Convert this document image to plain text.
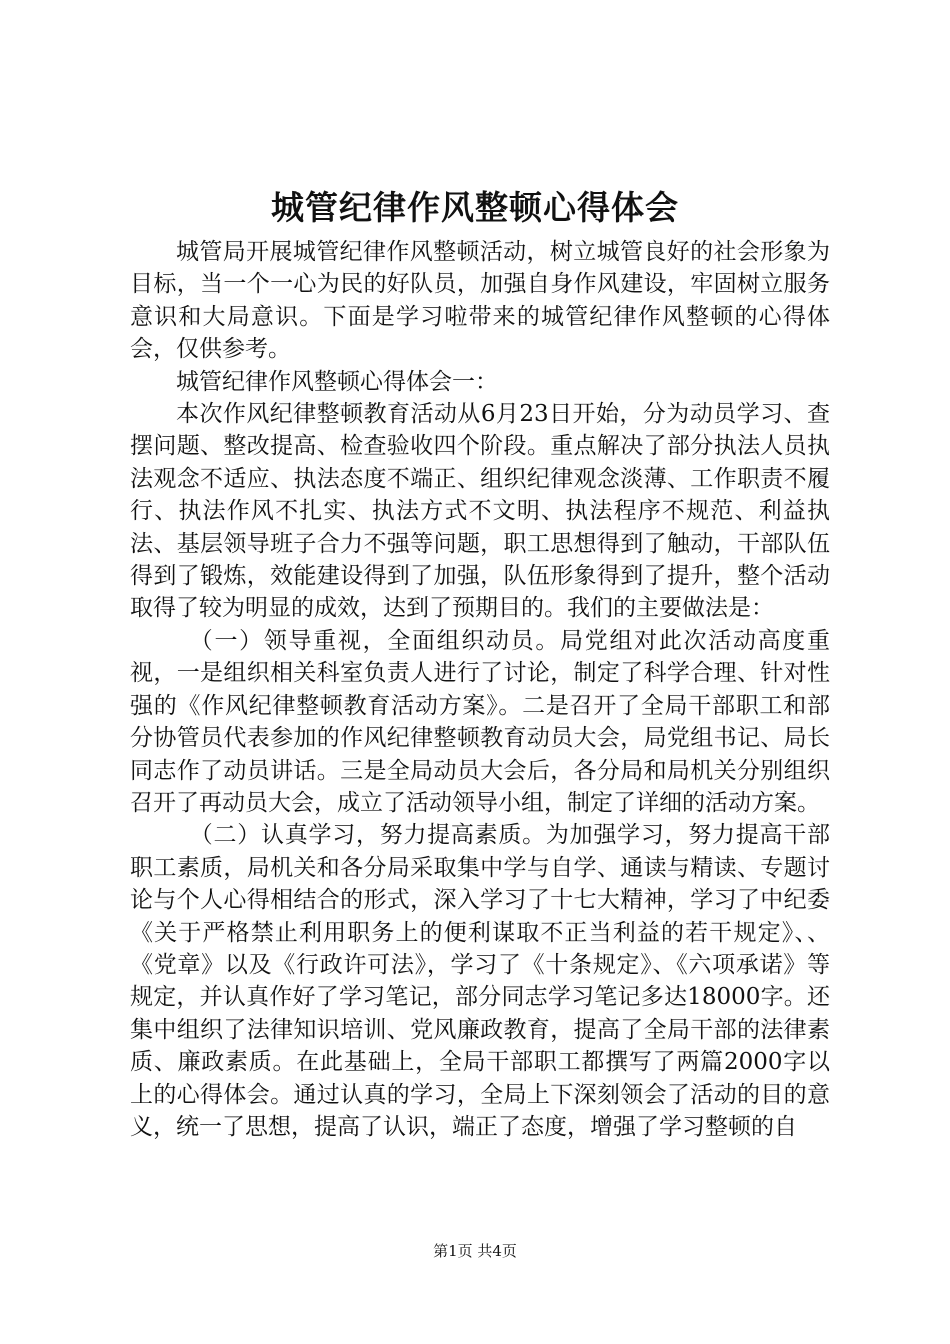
城管纪律作风整顿心得体会

城管局开展城管纪律作风整顿活动，树立城管良好的社会形象为目标，当一个一心为民的好队员，加强自身作风建设，牢固树立服务意识和大局意识。下面是学习啦带来的城管纪律作风整顿的心得体会，仅供参考。

城管纪律作风整顿心得体会一：

本次作风纪律整顿教育活动从6月23日开始，分为动员学习、查摆问题、整改提高、检查验收四个阶段。重点解决了部分执法人员执法观念不适应、执法态度不端正、组织纪律观念淡薄、工作职责不履行、执法作风不扎实、执法方式不文明、执法程序不规范、利益执法、基层领导班子合力不强等问题，职工思想得到了触动，干部队伍得到了锻炼，效能建设得到了加强，队伍形象得到了提升，整个活动取得了较为明显的成效，达到了预期目的。我们的主要做法是：

（一）领导重视，全面组织动员。局党组对此次活动高度重视，一是组织相关科室负责人进行了讨论，制定了科学合理、针对性强的《作风纪律整顿教育活动方案》。二是召开了全局干部职工和部分协管员代表参加的作风纪律整顿教育动员大会，局党组书记、局长同志作了动员讲话。三是全局动员大会后，各分局和局机关分别组织召开了再动员大会，成立了活动领导小组，制定了详细的活动方案。

（二）认真学习，努力提高素质。为加强学习，努力提高干部职工素质，局机关和各分局采取集中学与自学、通读与精读、专题讨论与个人心得相结合的形式，深入学习了十七大精神，学习了中纪委《关于严格禁止利用职务上的便利谋取不正当利益的若干规定》、、《党章》以及《行政许可法》，学习了《十条规定》、《六项承诺》等规定，并认真作好了学习笔记，部分同志学习笔记多达18000字。还集中组织了法律知识培训、党风廉政教育，提高了全局干部的法律素质、廉政素质。在此基础上，全局干部职工都撰写了两篇2000字以上的心得体会。通过认真的学习，全局上下深刻领会了活动的目的意义，统一了思想，提高了认识，端正了态度，增强了学习整顿的自

第1页 共4页
